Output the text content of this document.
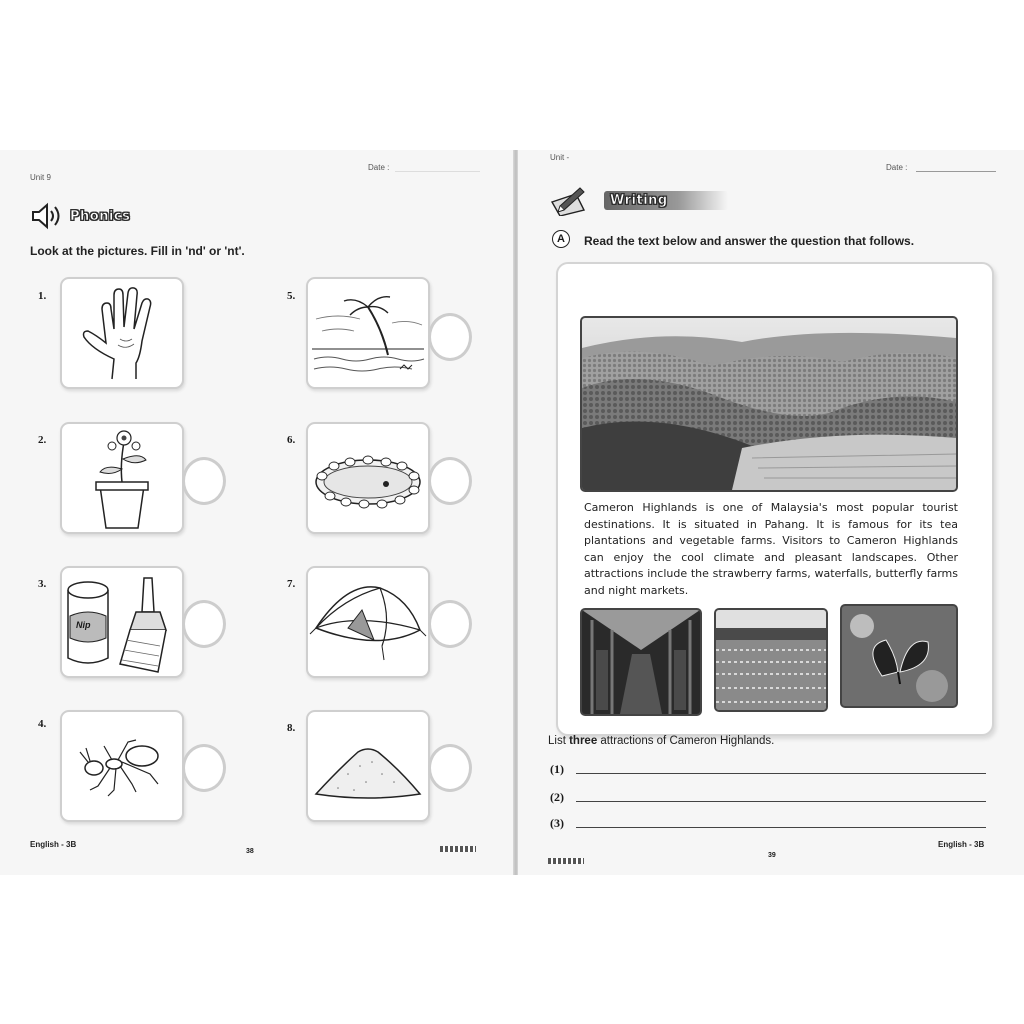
Unit 9
Date :
Phonics
Look at the pictures. Fill in 'nd' or 'nt'.
1.
2.
3.
Nip
4.
5.
6.
7.
8.
English - 3B
38
Unit -
Date :
Writing
A	Read the text below and answer the question that follows.
Cameron Highlands is one of Malaysia's most popular tourist destinations. It is situated in Pahang. It is famous for its tea plantations and vegetable farms. Visitors to Cameron Highlands can enjoy the cool climate and pleasant landscapes. Other attractions include the strawberry farms, waterfalls, butterfly farms and night markets.
List three attractions of Cameron Highlands.
(1)
(2)
(3)
English - 3B
39
